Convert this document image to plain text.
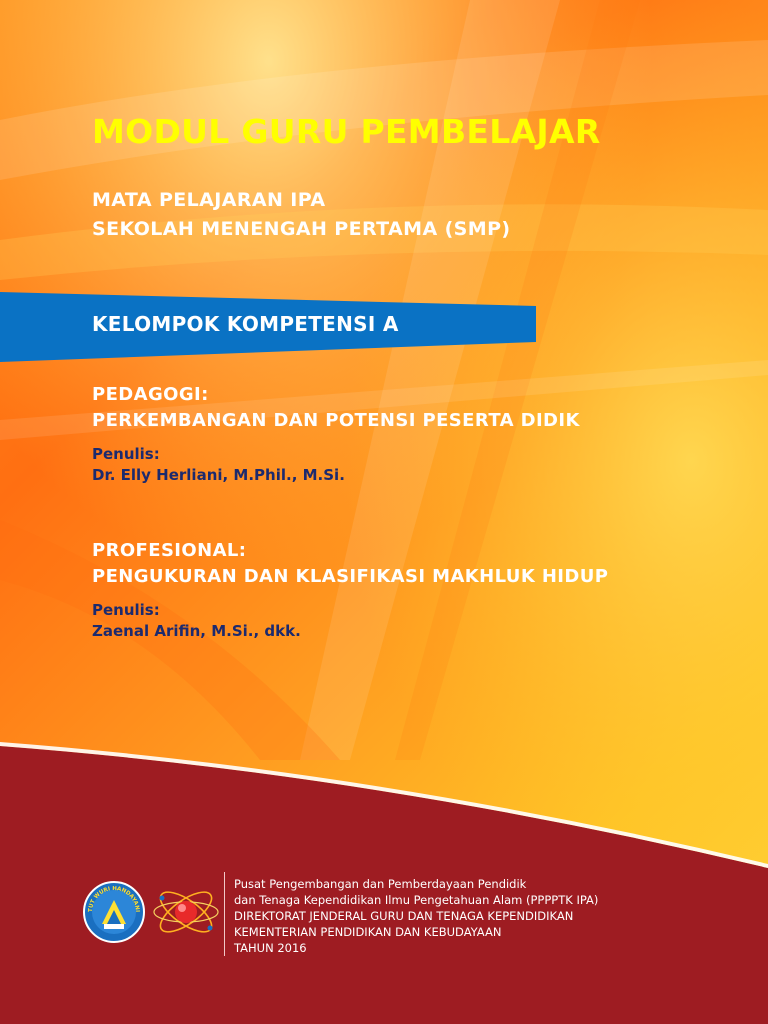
MODUL GURU PEMBELAJAR
MATA PELAJARAN IPA
SEKOLAH MENENGAH PERTAMA (SMP)
KELOMPOK KOMPETENSI A
PEDAGOGI:
PERKEMBANGAN DAN POTENSI PESERTA DIDIK
Penulis:
Dr. Elly Herliani, M.Phil., M.Si.
PROFESIONAL:
PENGUKURAN DAN KLASIFIKASI MAKHLUK HIDUP
Penulis:
Zaenal Arifin, M.Si., dkk.
TUT WURI HANDAYANI
Pusat Pengembangan dan Pemberdayaan Pendidik
dan Tenaga Kependidikan Ilmu Pengetahuan Alam (PPPPTK IPA)
DIREKTORAT JENDERAL GURU DAN TENAGA KEPENDIDIKAN
KEMENTERIAN PENDIDIKAN DAN KEBUDAYAAN
TAHUN 2016
